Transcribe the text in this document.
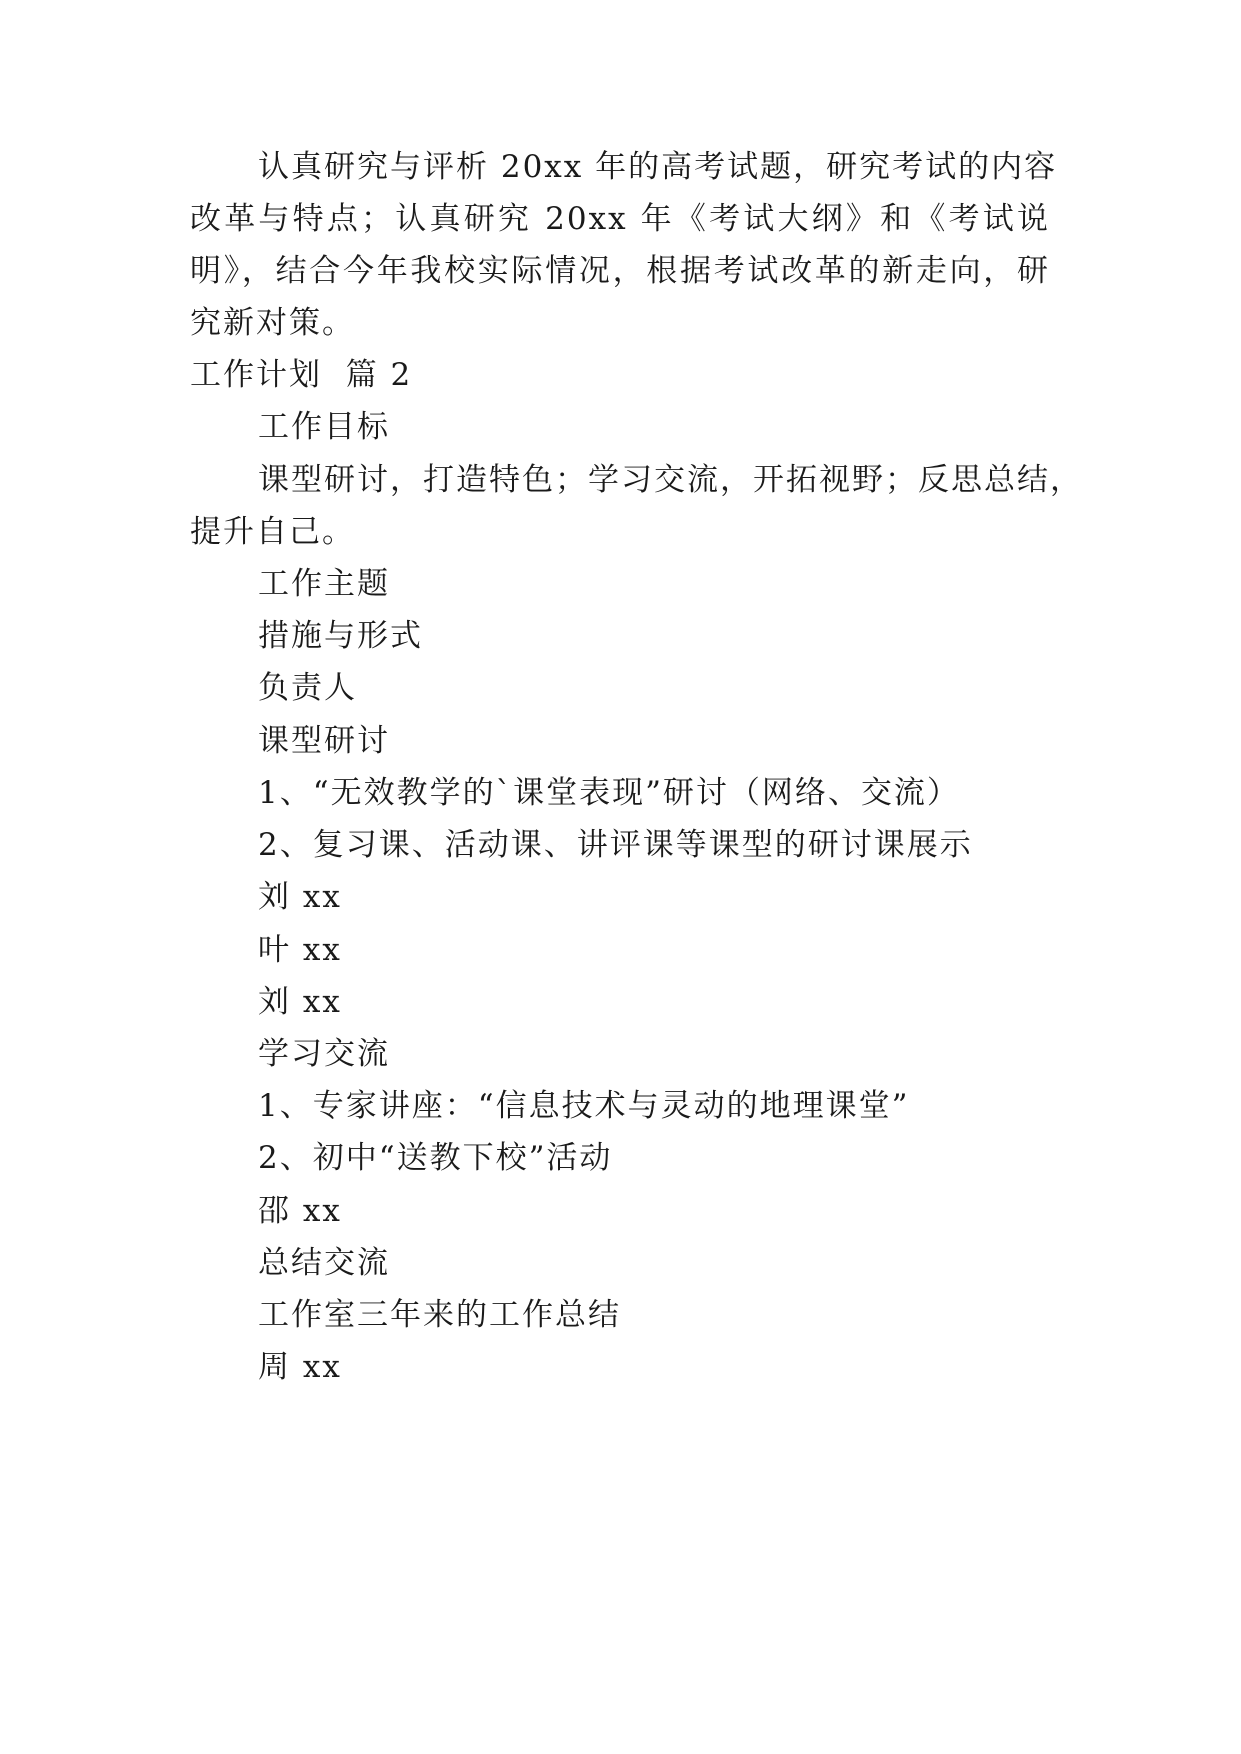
认真研究与评析 20xx 年的高考试题，研究考试的内容
改革与特点；认真研究 20xx 年《考试大纲》和《考试说
明》，结合今年我校实际情况，根据考试改革的新走向，研
究新对策。
工作计划  篇 2
工作目标
课型研讨，打造特色；学习交流，开拓视野；反思总结，
提升自己。
工作主题
措施与形式
负责人
课型研讨
1、“无效教学的`课堂表现”研讨（网络、交流）
2、复习课、活动课、讲评课等课型的研讨课展示
刘 xx
叶 xx
刘 xx
学习交流
1、专家讲座：“信息技术与灵动的地理课堂”
2、初中“送教下校”活动
邵 xx
总结交流
工作室三年来的工作总结
周 xx
